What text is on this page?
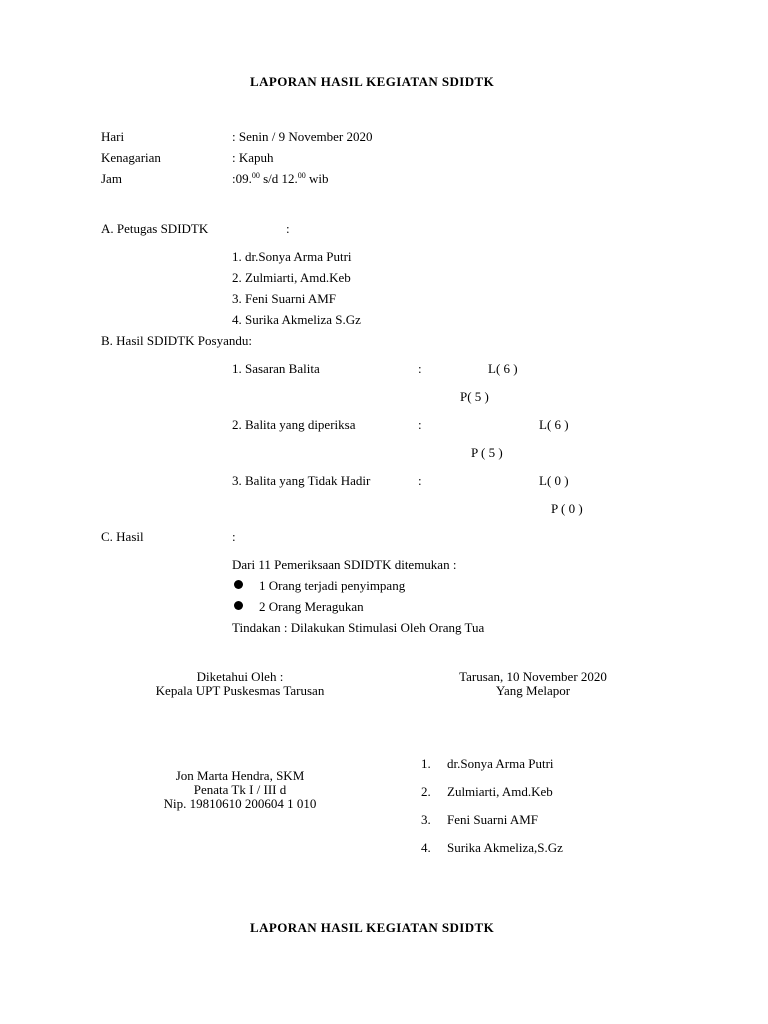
LAPORAN HASIL KEGIATAN SDIDTK
Hari	: Senin / 9 November 2020
Kenagarian	: Kapuh
Jam	:09.00 s/d 12.00 wib
A. Petugas SDIDTK	:
1. dr.Sonya Arma Putri
2. Zulmiarti, Amd.Keb
3. Feni Suarni AMF
4. Surika Akmeliza S.Gz
B. Hasil SDIDTK Posyandu:
1. Sasaran Balita	:	L( 6 )
P( 5 )
2. Balita yang diperiksa	:	L( 6 )
P ( 5 )
3. Balita yang Tidak Hadir	:	L( 0 )
P ( 0 )
C. Hasil	:
Dari 11 Pemeriksaan SDIDTK ditemukan :
1 Orang terjadi penyimpang
2 Orang Meragukan
Tindakan : Dilakukan Stimulasi Oleh Orang Tua
Diketahui Oleh :
Kepala UPT Puskesmas Tarusan
Jon Marta Hendra, SKM
Penata Tk I / III d
Nip. 19810610 200604 1 010
Tarusan, 10 November 2020
Yang Melapor
1. dr.Sonya Arma Putri
2. Zulmiarti, Amd.Keb
3. Feni Suarni AMF
4. Surika Akmeliza,S.Gz
LAPORAN HASIL KEGIATAN SDIDTK
